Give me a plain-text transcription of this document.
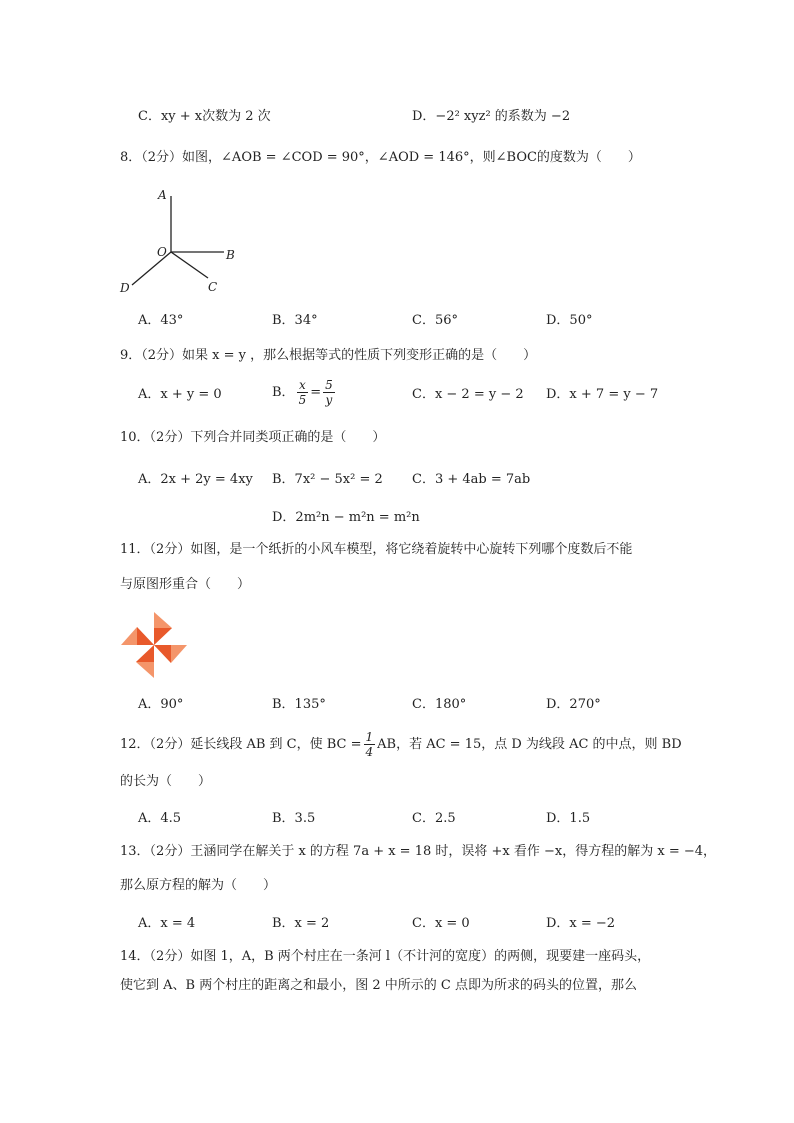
C．xy + x次数为 2 次	D．−2² xyz² 的系数为 −2
8．（2分）如图，∠AOB = ∠COD = 90°，∠AOD = 146°，则∠BOC的度数为（　　）
A
O	B
C
D
A．43°	B．34°	C．56°	D．50°
9．（2分）如果 x = y ，那么根据等式的性质下列变形正确的是（　　）
A．x + y = 0	B． $\frac{x}{5} = \frac{5}{y}$	C．x − 2 = y − 2 D．x + 7 = y − 7
10．（2分）下列合并同类项正确的是（　　）
A．2x + 2y = 4xy B．7x² − 5x² = 2 C．3 + 4ab = 7ab
D．2m²n − m²n = m²n
11．（2分）如图，是一个纸折的小风车模型，将它绕着旋转中心旋转下列哪个度数后不能
与原图形重合（　　）
A．90°	B．135°	C．180°	D．270°
12．（2分）延长线段 AB 到 C，使 BC = $\frac{1}{4}$ AB，若 AC = 15，点 D 为线段 AC 的中点，则 BD
的长为（　　）
A．4.5	B．3.5	C．2.5	D．1.5
13．（2分）王涵同学在解关于 x 的方程 7a + x = 18 时，误将 +x 看作 −x，得方程的解为 x = −4，
那么原方程的解为（　　）
A．x = 4	B．x = 2	C．x = 0	D．x = −2
14．（2分）如图 1，A，B 两个村庄在一条河 l（不计河的宽度）的两侧，现要建一座码头，
使它到 A、B 两个村庄的距离之和最小，图 2 中所示的 C 点即为所求的码头的位置，那么
